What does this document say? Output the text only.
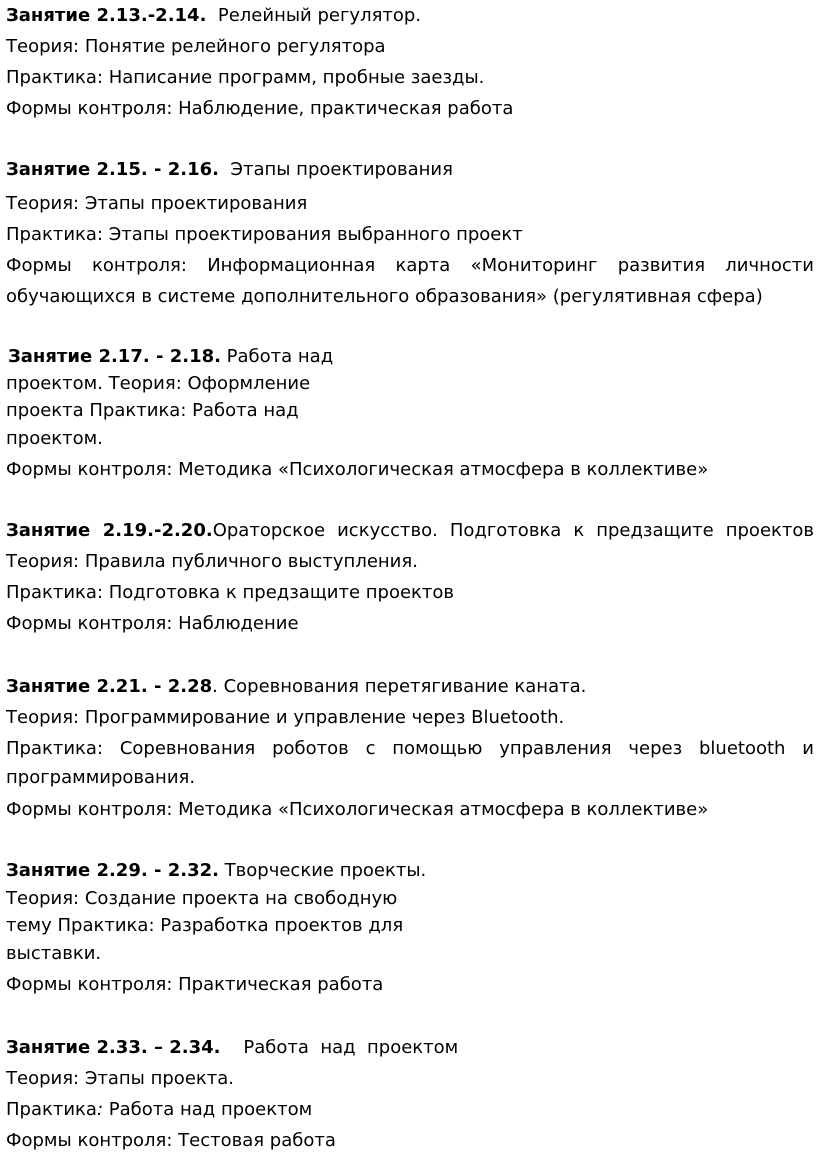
Занятие 2.13.-2.14.  Релейный регулятор.
Теория: Понятие релейного регулятора
Практика: Написание программ, пробные заезды.
Формы контроля: Наблюдение, практическая работа
Занятие 2.15. - 2.16.  Этапы проектирования
Теория: Этапы проектирования
Практика: Этапы проектирования выбранного проект
Формы контроля: Информационная карта «Мониторинг развития личности
обучающихся в системе дополнительного образования» (регулятивная сфера)
Занятие 2.17. - 2.18. Работа над
проектом. Теория: Оформление
проекта Практика: Работа над
проектом.
Формы контроля: Методика «Психологическая атмосфера в коллективе»
Занятие 2.19.-2.20.Ораторское искусство. Подготовка к предзащите проектов
Теория: Правила публичного выступления.
Практика: Подготовка к предзащите проектов
Формы контроля: Наблюдение
Занятие 2.21. - 2.28. Соревнования перетягивание каната.
Теория: Программирование и управление через Bluetooth.
Практика: Соревнования роботов с помощью управления через bluetooth и
программирования.
Формы контроля: Методика «Психологическая атмосфера в коллективе»
Занятие 2.29. - 2.32. Творческие проекты.
Теория: Создание проекта на свободную
тему Практика: Разработка проектов для
выставки.
Формы контроля: Практическая работа
Занятие 2.33. – 2.34.    Работа  над  проектом
Теория: Этапы проекта.
Практика: Работа над проектом
Формы контроля: Тестовая работа
